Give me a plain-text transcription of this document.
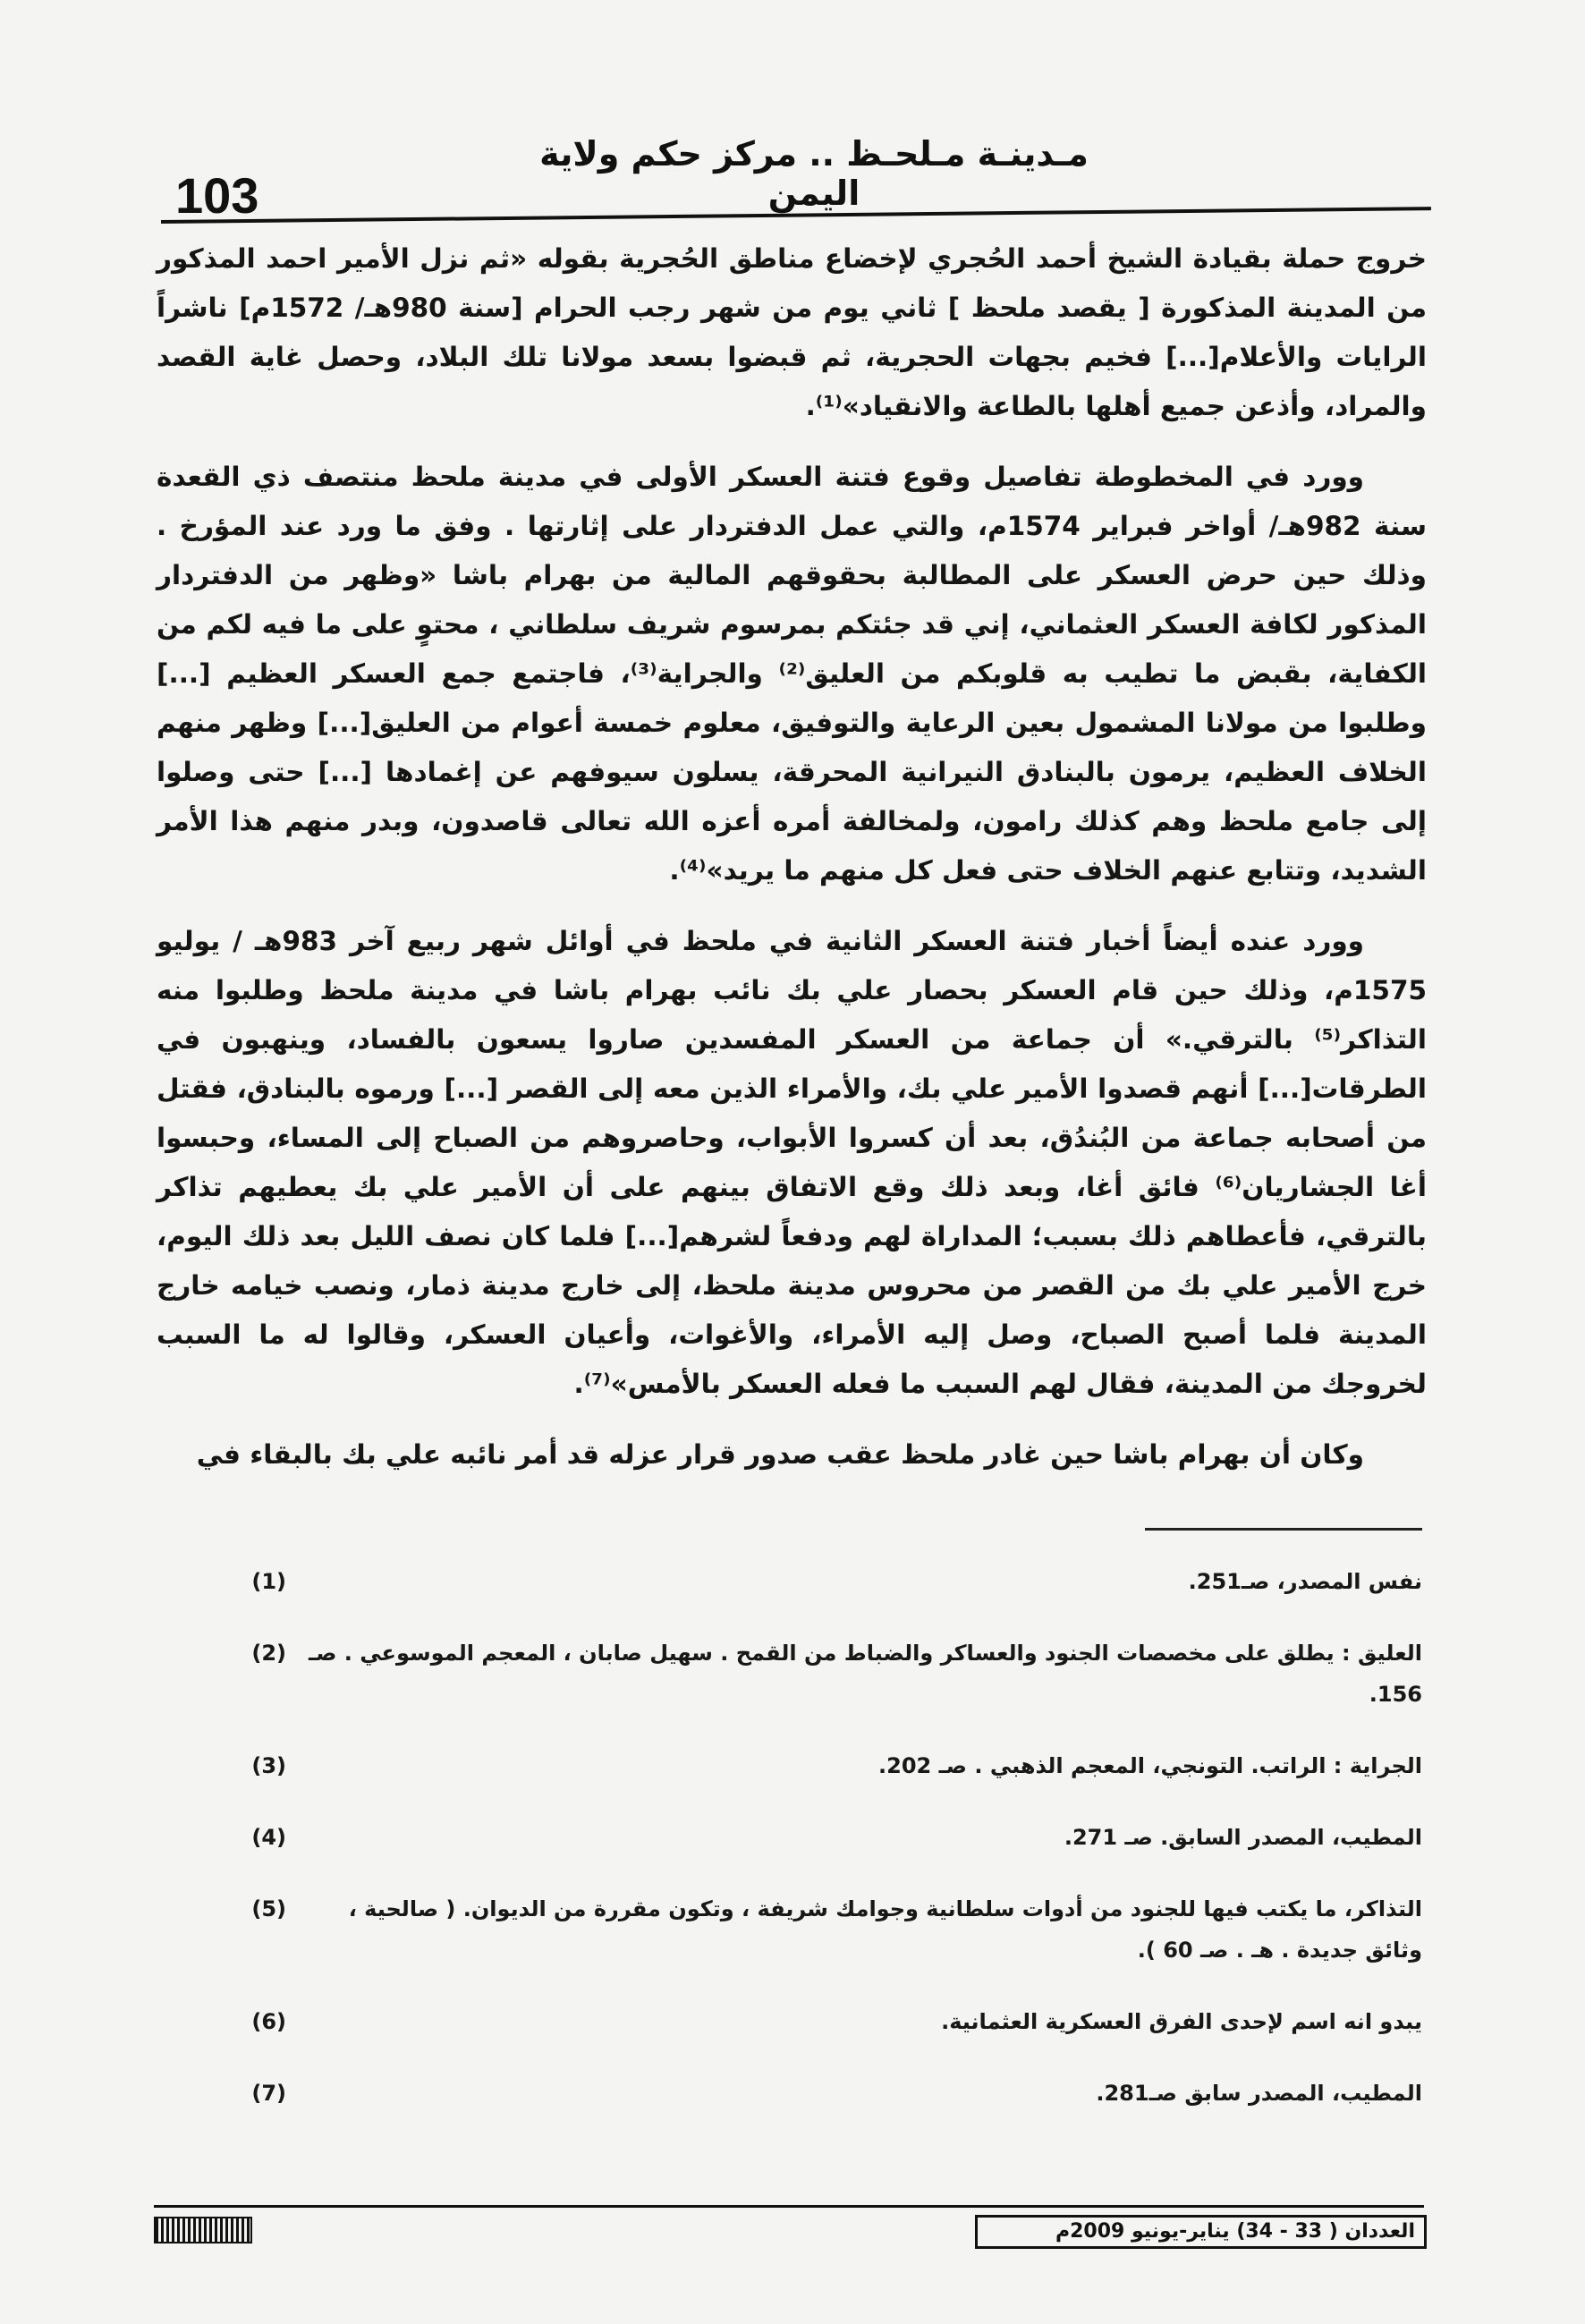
مـدينـة مـلحـظ .. مركز حكم ولاية اليمن
103

خروج حملة بقيادة الشيخ أحمد الحُجري لإخضاع مناطق الحُجرية بقوله «ثم نزل الأمير احمد المذكور من المدينة المذكورة [ يقصد ملحظ ] ثاني يوم من شهر رجب الحرام [سنة 980هـ/ 1572م] ناشراً الرايات والأعلام[...] فخيم بجهات الحجرية، ثم قبضوا بسعد مولانا تلك البلاد، وحصل غاية القصد والمراد، وأذعن جميع أهلها بالطاعة والانقياد»⁽¹⁾.

وورد في المخطوطة تفاصيل وقوع فتنة العسكر الأولى في مدينة ملحظ منتصف ذي القعدة سنة 982هـ/ أواخر فبراير 1574م، والتي عمل الدفتردار على إثارتها . وفق ما ورد عند المؤرخ . وذلك حين حرض العسكر على المطالبة بحقوقهم المالية من بهرام باشا «وظهر من الدفتردار المذكور لكافة العسكر العثماني، إني قد جئتكم بمرسوم شريف سلطاني ، محتوٍ على ما فيه لكم من الكفاية، بقبض ما تطيب به قلوبكم من العليق⁽²⁾ والجراية⁽³⁾، فاجتمع جمع العسكر العظيم [...] وطلبوا من مولانا المشمول بعين الرعاية والتوفيق، معلوم خمسة أعوام من العليق[...] وظهر منهم الخلاف العظيم، يرمون بالبنادق النيرانية المحرقة، يسلون سيوفهم عن إغمادها [...] حتى وصلوا إلى جامع ملحظ وهم كذلك رامون، ولمخالفة أمره أعزه الله تعالى قاصدون، وبدر منهم هذا الأمر الشديد، وتتابع عنهم الخلاف حتى فعل كل منهم ما يريد»⁽⁴⁾.

وورد عنده أيضاً أخبار فتنة العسكر الثانية في ملحظ في أوائل شهر ربيع آخر 983هـ / يوليو 1575م، وذلك حين قام العسكر بحصار علي بك نائب بهرام باشا في مدينة ملحظ وطلبوا منه التذاكر⁽⁵⁾ بالترقي.» أن جماعة من العسكر المفسدين صاروا يسعون بالفساد، وينهبون في الطرقات[...] أنهم قصدوا الأمير علي بك، والأمراء الذين معه إلى القصر [...] ورموه بالبنادق، فقتل من أصحابه جماعة من البُندُق، بعد أن كسروا الأبواب، وحاصروهم من الصباح إلى المساء، وحبسوا أغا الجشاريان⁽⁶⁾ فائق أغا، وبعد ذلك وقع الاتفاق بينهم على أن الأمير علي بك يعطيهم تذاكر بالترقي، فأعطاهم ذلك بسبب؛ المداراة لهم ودفعاً لشرهم[...] فلما كان نصف الليل بعد ذلك اليوم، خرج الأمير علي بك من القصر من محروس مدينة ملحظ، إلى خارج مدينة ذمار، ونصب خيامه خارج المدينة فلما أصبح الصباح، وصل إليه الأمراء، والأغوات، وأعيان العسكر، وقالوا له ما السبب لخروجك من المدينة، فقال لهم السبب ما فعله العسكر بالأمس»⁽⁷⁾.

وكان أن بهرام باشا حين غادر ملحظ عقب صدور قرار عزله قد أمر نائبه علي بك بالبقاء في

نفس المصدر، صـ251.
(1)
العليق : يطلق على مخصصات الجنود والعساكر والضباط من القمح . سهيل صابان ، المعجم الموسوعي . صـ 156.
(2)
الجراية : الراتب. التونجي، المعجم الذهبي . صـ 202.
(3)
المطيب، المصدر السابق. صـ 271.
(4)
التذاكر، ما يكتب فيها للجنود من أدوات سلطانية وجوامك شريفة ، وتكون مقررة من الديوان. ( صالحية ، وثائق جديدة . هـ . صـ 60 ).
(5)
يبدو انه اسم لإحدى الفرق العسكرية العثمانية.
(6)
المطيب، المصدر سابق صـ281.
(7)
العددان ( 33 - 34) يناير-يونيو 2009م
